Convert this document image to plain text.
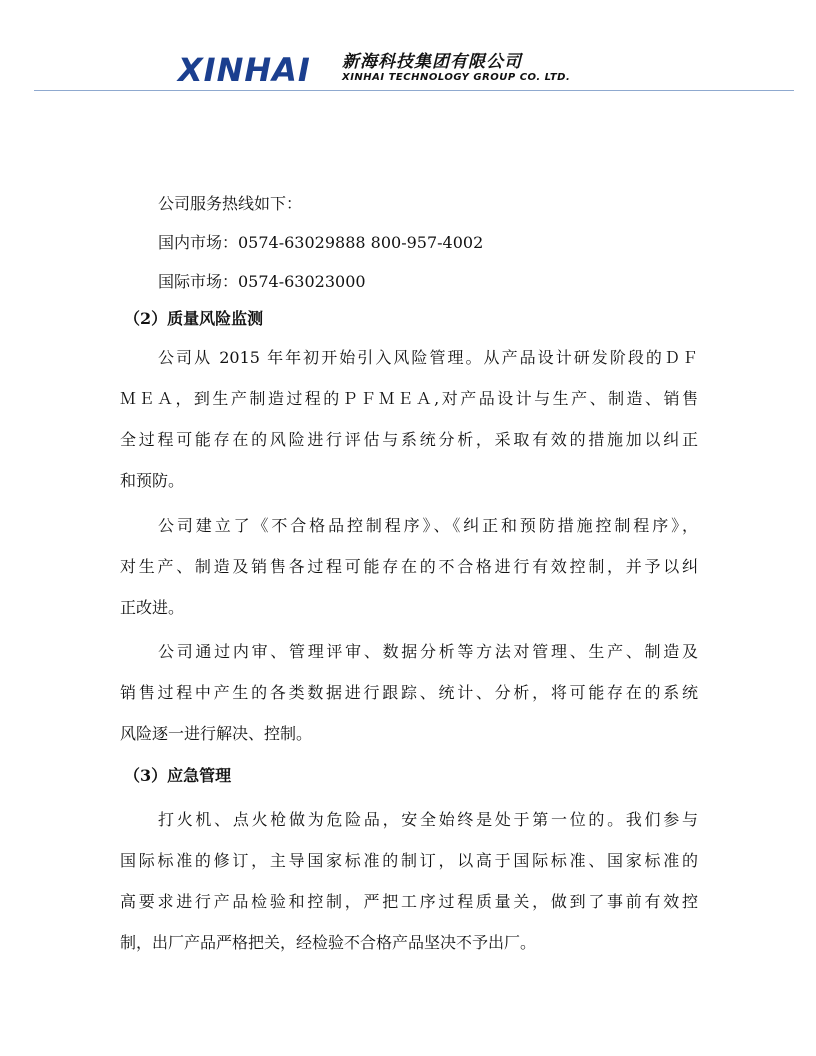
XINHAI 新海科技集团有限公司
XINHAI TECHNOLOGY GROUP CO. LTD.
公司服务热线如下：
国内市场：0574-63029888 800-957-4002
国际市场：0574-63023000
（2）质量风险监测
公司从 2015 年年初开始引入风险管理。从产品设计研发阶段的ＤＦ
ＭＥＡ，到生产制造过程的ＰＦＭＥＡ,对产品设计与生产、制造、销售
全过程可能存在的风险进行评估与系统分析，采取有效的措施加以纠正
和预防。
公司建立了《不合格品控制程序》、《纠正和预防措施控制程序》，
对生产、制造及销售各过程可能存在的不合格进行有效控制，并予以纠
正改进。
公司通过内审、管理评审、数据分析等方法对管理、生产、制造及
销售过程中产生的各类数据进行跟踪、统计、分析，将可能存在的系统
风险逐一进行解决、控制。
（3）应急管理
打火机、点火枪做为危险品，安全始终是处于第一位的。我们参与
国际标准的修订，主导国家标准的制订，以高于国际标准、国家标准的
高要求进行产品检验和控制，严把工序过程质量关，做到了事前有效控
制，出厂产品严格把关，经检验不合格产品坚决不予出厂。
